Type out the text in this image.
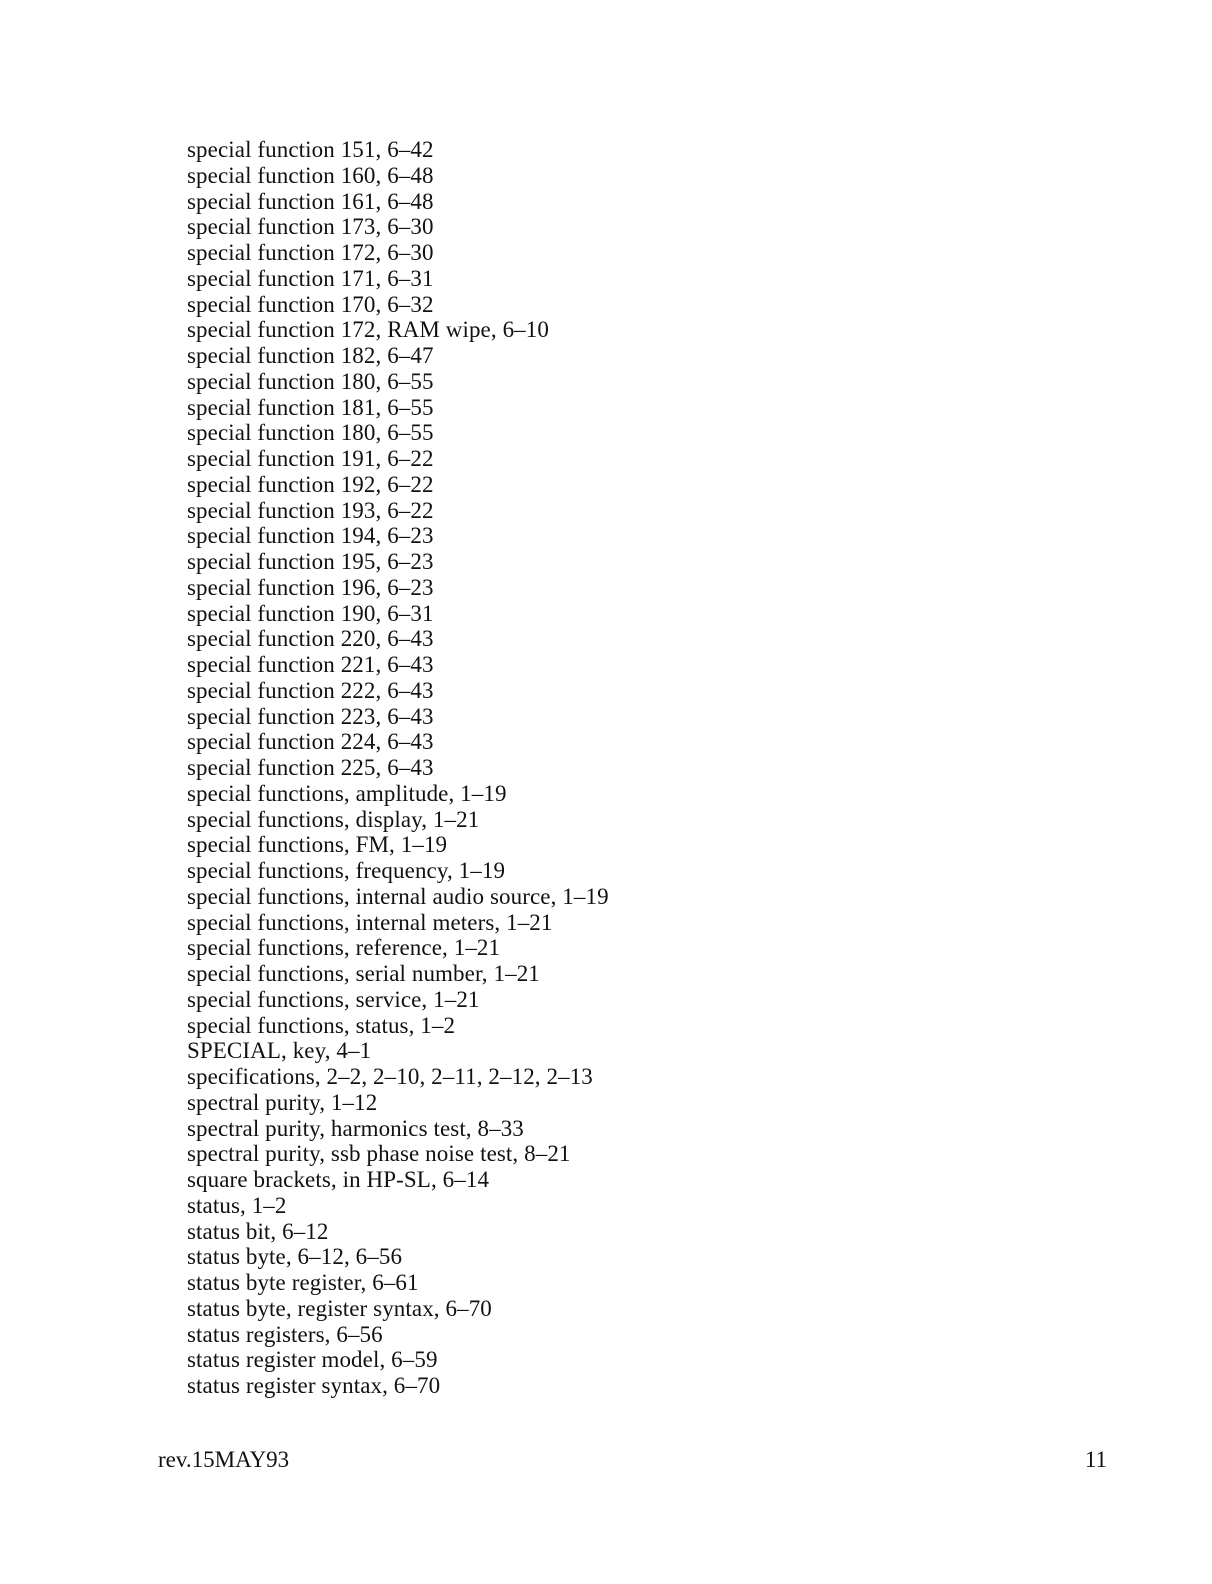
special function 151, 6–42
special function 160, 6–48
special function 161, 6–48
special function 173, 6–30
special function 172, 6–30
special function 171, 6–31
special function 170, 6–32
special function 172, RAM wipe, 6–10
special function 182, 6–47
special function 180, 6–55
special function 181, 6–55
special function 180, 6–55
special function 191, 6–22
special function 192, 6–22
special function 193, 6–22
special function 194, 6–23
special function 195, 6–23
special function 196, 6–23
special function 190, 6–31
special function 220, 6–43
special function 221, 6–43
special function 222, 6–43
special function 223, 6–43
special function 224, 6–43
special function 225, 6–43
special functions, amplitude, 1–19
special functions, display, 1–21
special functions, FM, 1–19
special functions, frequency, 1–19
special functions, internal audio source, 1–19
special functions, internal meters, 1–21
special functions, reference, 1–21
special functions, serial number, 1–21
special functions, service, 1–21
special functions, status, 1–2
SPECIAL, key, 4–1
specifications, 2–2, 2–10, 2–11, 2–12, 2–13
spectral purity, 1–12
spectral purity, harmonics test, 8–33
spectral purity, ssb phase noise test, 8–21
square brackets, in HP-SL, 6–14
status, 1–2
status bit, 6–12
status byte, 6–12, 6–56
status byte register, 6–61
status byte, register syntax, 6–70
status registers, 6–56
status register model, 6–59
status register syntax, 6–70
rev.15MAY93	11
